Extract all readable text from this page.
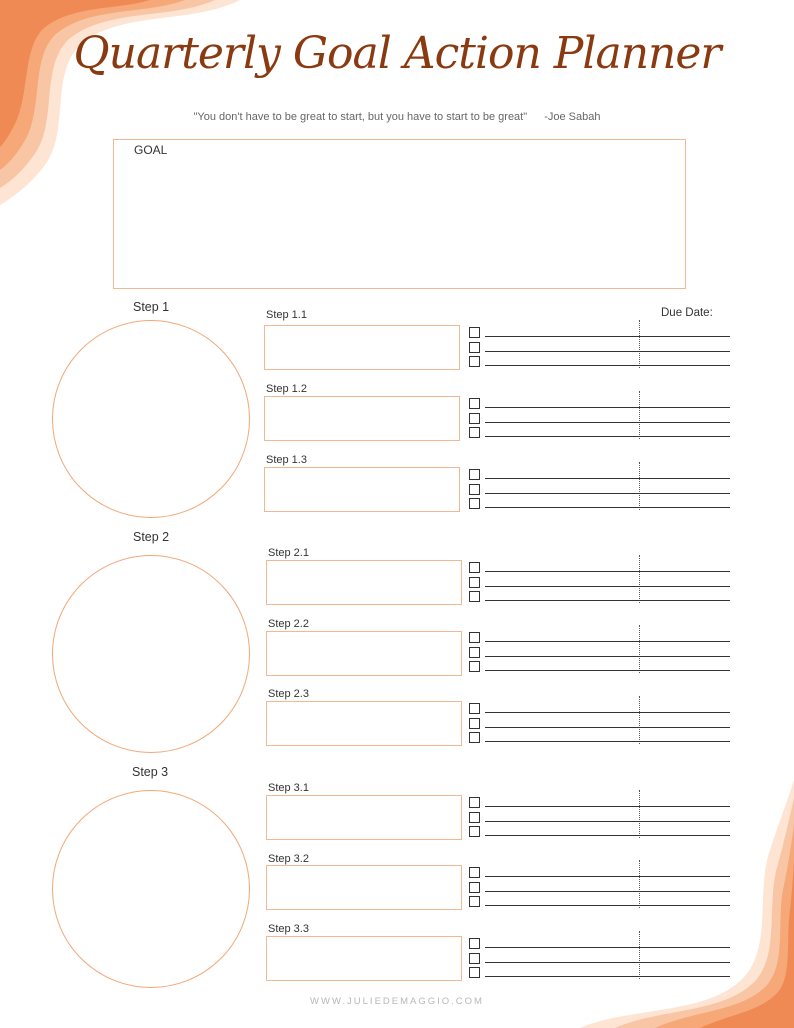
Quarterly Goal Action Planner
"You don't have to be great to start, but you have to start to be great" -Joe Sabah
GOAL
Due Date:
Step 1
Step 1.1
Step 1.2
Step 1.3
Step 2
Step 2.1
Step 2.2
Step 2.3
Step 3
Step 3.1
Step 3.2
Step 3.3
WWW.JULIEDEMAGGIO.COM
